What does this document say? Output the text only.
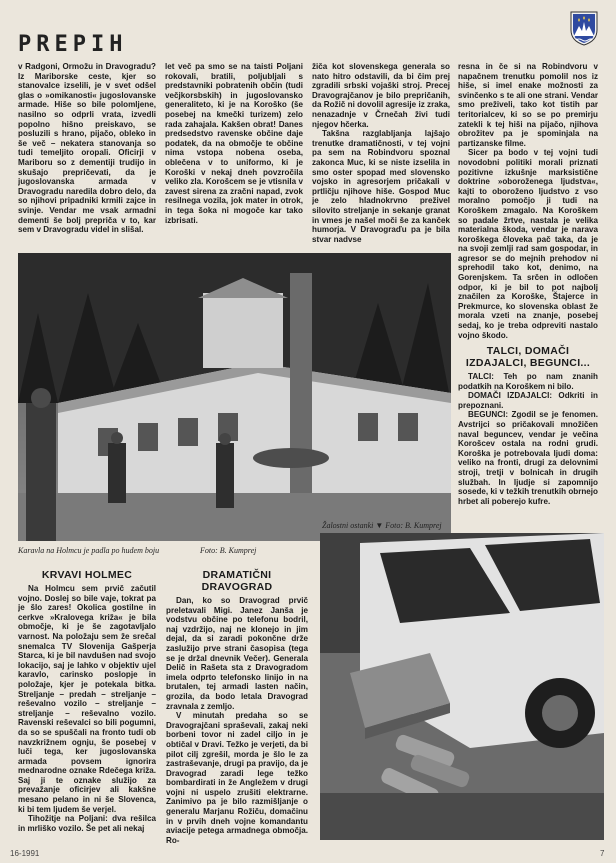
PREPIH

v Radgoni, Ormožu in Dravogradu? Iz Mariborske ceste, kjer so stanovalce izselili, je v svet odšel glas o »omikanosti« jugoslovanske armade. Hiše so bile polomljene, nasilno so odprli vrata, izvedli popolno hišno preiskavo, se posluzili s hrano, pijačo, obleko in še več – nekatera stanovanja so tudi temeljito oropali. Oficirji v Mariboru so z dementiji trudijo in skušajo prepričevati, da je jugoslovanska armada v Dravogradu naredila dobro delo, da so njihovi pripadniki krmili zajce in svinje. Vendar me vsak armadni dementi še bolj prepriča v to, kar sem v Dravogradu videl in slišal.

let več pa smo se na taisti Poljani rokovali, bratili, poljubljali s predstavniki pobratenih občin (tudi večjkorsbskih) in jugoslovansko generaliteto, ki je na Koroško (še posebej na kmečki turizem) zelo rada zahajala. Kakšen obrat! Danes predsedstvo ravenske občine daje podatek, da na območje te občine nima vstopa nobena oseba, oblečena v to uniformo, ki je Koroški v nekaj dneh povzročila veliko zla. Korošcem se je vtisnila v zavest sirena za zračni napad, zvok resilnega vozila, jok mater in otrok, in tega šoka ni mogoče kar tako izbrisati.

žiča kot slovenskega generala so nato hitro odstavili, da bi čim prej zgradili srbski vojaški stroj. Precej Dravograjčanov je bilo prepričanih, da Rožič ni dovolil agresije iz zraka, nenazadnje v Črnečah živi tudi njegov hčerka.

Takšna razglabljanja lajšajo trenutke dramatičnosti, v tej vojni pa sem na Robindvoru spoznal zakonca Muc, ki se niste izselila in smo oster spopad med slovensko vojsko in agresorjem pričakali v prtličju njihove hiše. Gospod Muc je zelo hladnokrvno preživel silovito streljanje in sekanje granat in vmes je našel moči še za kanček humorja. V Dravograďu pa je bila stvar nadvse

resna in če si na Robindvoru v napačnem trenutku pomolil nos iz hiše, si imel enake možnosti za svinčenko s te ali one strani. Vendar smo preživeli, tako kot tistih par teritorialcev, ki so se po premirju zatekli k tej hiši na pijačo, njihova obrožitev pa je spominjala na partizanske filme.

Sicer pa bodo v tej vojni tudi novodobni politiki morali priznati pozitivne izkušnje marksistične doktrine »oboroženega ljudstva«, kajti to oboroženo ljudstvo z vso moralno pomočjo ji tudi na Koroškem zmagalo. Na Koroškem so padale žrtve, nastala je velika materialna škoda, vendar je narava koroškega človeka pač taka, da je na svoji zemlji rad sam gospodar, in agresor se do mejnih prehodov ni sprehodil tako kot, denimo, na Gorenjskem. Ta srčen in odločen odpor, ki je bil to pot najbolj značilen za Koroške, Štajerce in Prekmurce, ko slovenska oblast že morala vzeti na znanje, posebej sedaj, ko je treba odpreviti nastalo vojno škodo.

TALCI, DOMAČI IZDAJALCI, BEGUNCI...

TALCI: Teh po nam znanih podatkih na Koroškem ni bilo.

DOMAČI IZDAJALCI: Odkriti in prepoznani.

BEGUNCI: Zgodil se je fenomen. Avstrijci so pričakovali množičen naval beguncev, vendar je večina Korošcev ostala na rodni grudi. Koroška je potrebovala ljudi doma: veliko na fronti, drugi za delovnimi stroji, tretji v bolnicah in drugih službah. In ljudje si zapomnijo sosede, ki v težkih trenutkih obrnejo hrbet ali poberejo kufre.

Karavla na Holmcu je padla po hudem boju	Foto: B. Kumprej
Žalostni ostanki ▼ Foto: B. Kumprej
KRVAVI HOLMEC

Na Holmcu sem prvič začutil vojno. Doslej so bile vaje, tokrat pa je šlo zares! Okolica gostilne in cerkve »Kralovega križa« je bila območje, ki je še zagotavljalo varnost. Na položaju sem že srečal snemalca TV Slovenija Gašperja Starca, ki je bil navdušen nad svojo lokacijo, saj je lahko v objektiv ujel karavlo, carinsko poslopje in položaje, kjer je potekala bitka. Streljanje – predah – streljanje – reševalno vozilo – streljanje – streljanje – reševalno vozilo. Ravenski reševalci so bili pogumni, da so se spuščali na fronto tudi ob navzkrižnem ognju, še posebej v luči tega, ker jugoslovanska armada povsem ignorira mednarodne oznake Rdečega križa. Saj ji te oznake služijo za prevažanje oficirjev ali kakšne mesano pelano in ni še Slovenca, ki bi tem ljudem še verjel.

Tihožitje na Poljani: dva rešilca in mrliško vozilo. Še pet ali nekaj

DRAMATIČNI DRAVOGRAD

Dan, ko so Dravograd prvič preletavali Migi. Janez Janša je vodstvu občine po telefonu bodril, naj vzdržijo, naj ne klonejo in jim dejal, da si zaradi pokončne drže zaslužijo prve strani časopisa (tega se je držal dnevnik Večer). Generala Delič in Rašeta sta z Dravogradom imela odprto telefonsko linijo in na brutalen, tej armadi lasten način, grozila, da bodo letala Dravograd zravnala z zemljo.

V minutah predaha so se Dravograjčani spraševali, zakaj neki borbeni tovor ni zadel ciljo in je obtičal v Dravi. Težko je verjeti, da bi pilot cilj zgrešil, morda je šlo le za zastraševanje, drugi pa pravijo, da je Dravograd zaradi lege težko bombardirati in že Angležem v drugi vojni ni uspelo zrušiti elektrarne. Zanimivo pa je bilo razmišljanje o generalu Marjanu Rožiču, domačinu in v prvih dneh vojne komandantu aviacije petega armadnega območja. Ro-

16-1991	7
